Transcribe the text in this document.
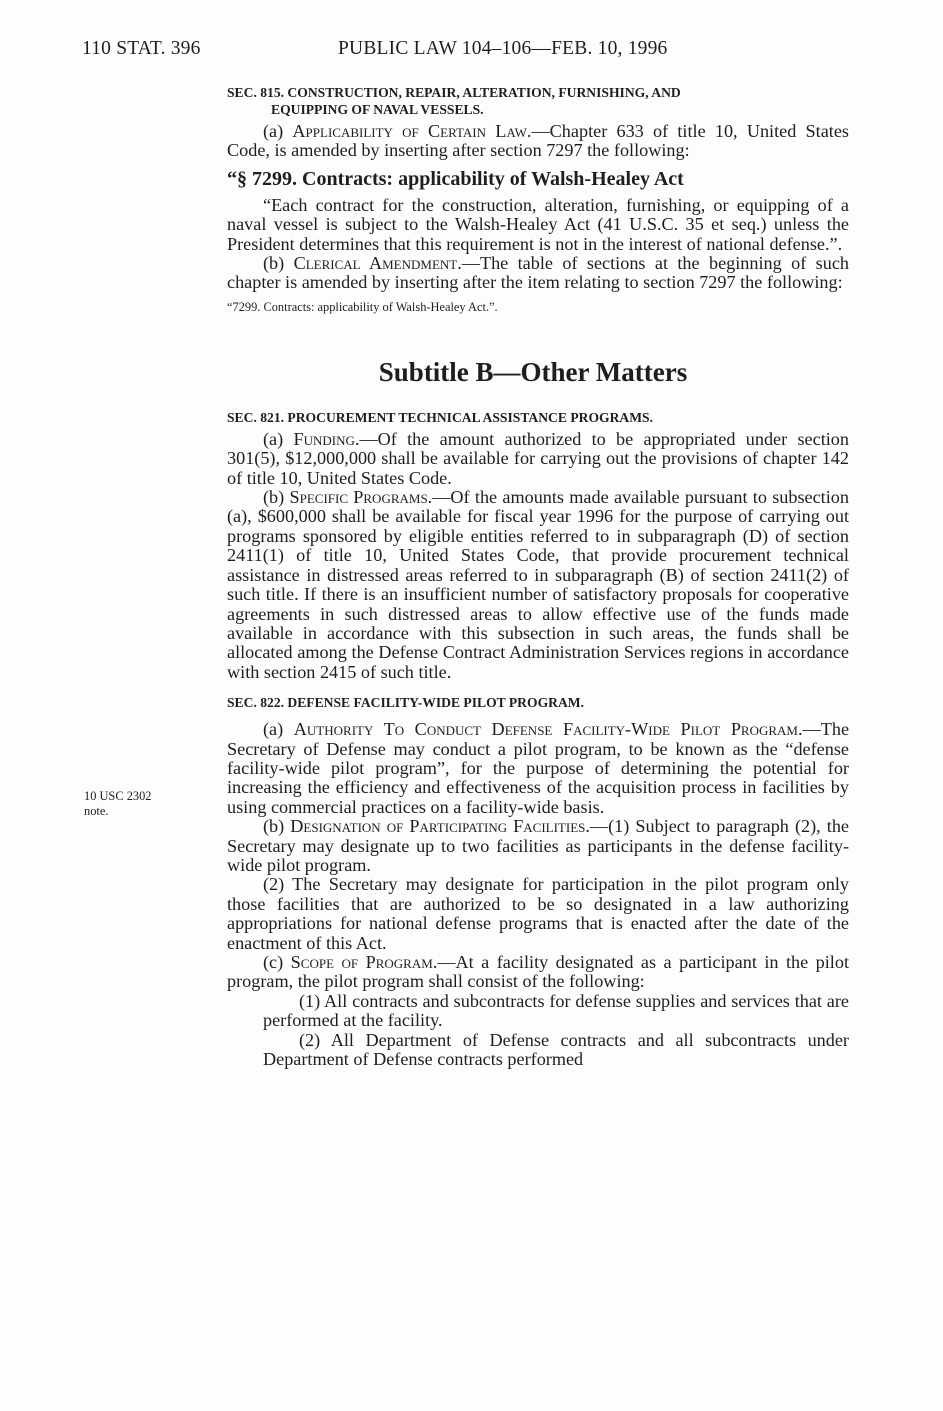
110 STAT. 396	PUBLIC LAW 104–106—FEB. 10, 1996
10 USC 2302
note.
SEC. 815. CONSTRUCTION, REPAIR, ALTERATION, FURNISHING, AND
EQUIPPING OF NAVAL VESSELS.

(a) Applicability of Certain Law.—Chapter 633 of title 10, United States Code, is amended by inserting after section 7297 the following:

“§ 7299. Contracts: applicability of Walsh-Healey Act

“Each contract for the construction, alteration, furnishing, or equipping of a naval vessel is subject to the Walsh-Healey Act (41 U.S.C. 35 et seq.) unless the President determines that this requirement is not in the interest of national defense.”.

(b) Clerical Amendment.—The table of sections at the beginning of such chapter is amended by inserting after the item relating to section 7297 the following:

“7299. Contracts: applicability of Walsh-Healey Act.”.
Subtitle B—Other Matters
SEC. 821. PROCUREMENT TECHNICAL ASSISTANCE PROGRAMS.

(a) Funding.—Of the amount authorized to be appropriated under section 301(5), $12,000,000 shall be available for carrying out the provisions of chapter 142 of title 10, United States Code.

(b) Specific Programs.—Of the amounts made available pursuant to subsection (a), $600,000 shall be available for fiscal year 1996 for the purpose of carrying out programs sponsored by eligible entities referred to in subparagraph (D) of section 2411(1) of title 10, United States Code, that provide procurement technical assistance in distressed areas referred to in subparagraph (B) of section 2411(2) of such title. If there is an insufficient number of satisfactory proposals for cooperative agreements in such distressed areas to allow effective use of the funds made available in accordance with this subsection in such areas, the funds shall be allocated among the Defense Contract Administration Services regions in accordance with section 2415 of such title.

SEC. 822. DEFENSE FACILITY-WIDE PILOT PROGRAM.

(a) Authority To Conduct Defense Facility-Wide Pilot Program.—The Secretary of Defense may conduct a pilot program, to be known as the “defense facility-wide pilot program”, for the purpose of determining the potential for increasing the efficiency and effectiveness of the acquisition process in facilities by using commercial practices on a facility-wide basis.

(b) Designation of Participating Facilities.—(1) Subject to paragraph (2), the Secretary may designate up to two facilities as participants in the defense facility-wide pilot program.

(2) The Secretary may designate for participation in the pilot program only those facilities that are authorized to be so designated in a law authorizing appropriations for national defense programs that is enacted after the date of the enactment of this Act.

(c) Scope of Program.—At a facility designated as a participant in the pilot program, the pilot program shall consist of the following:

(1) All contracts and subcontracts for defense supplies and services that are performed at the facility.

(2) All Department of Defense contracts and all subcontracts under Department of Defense contracts performed
